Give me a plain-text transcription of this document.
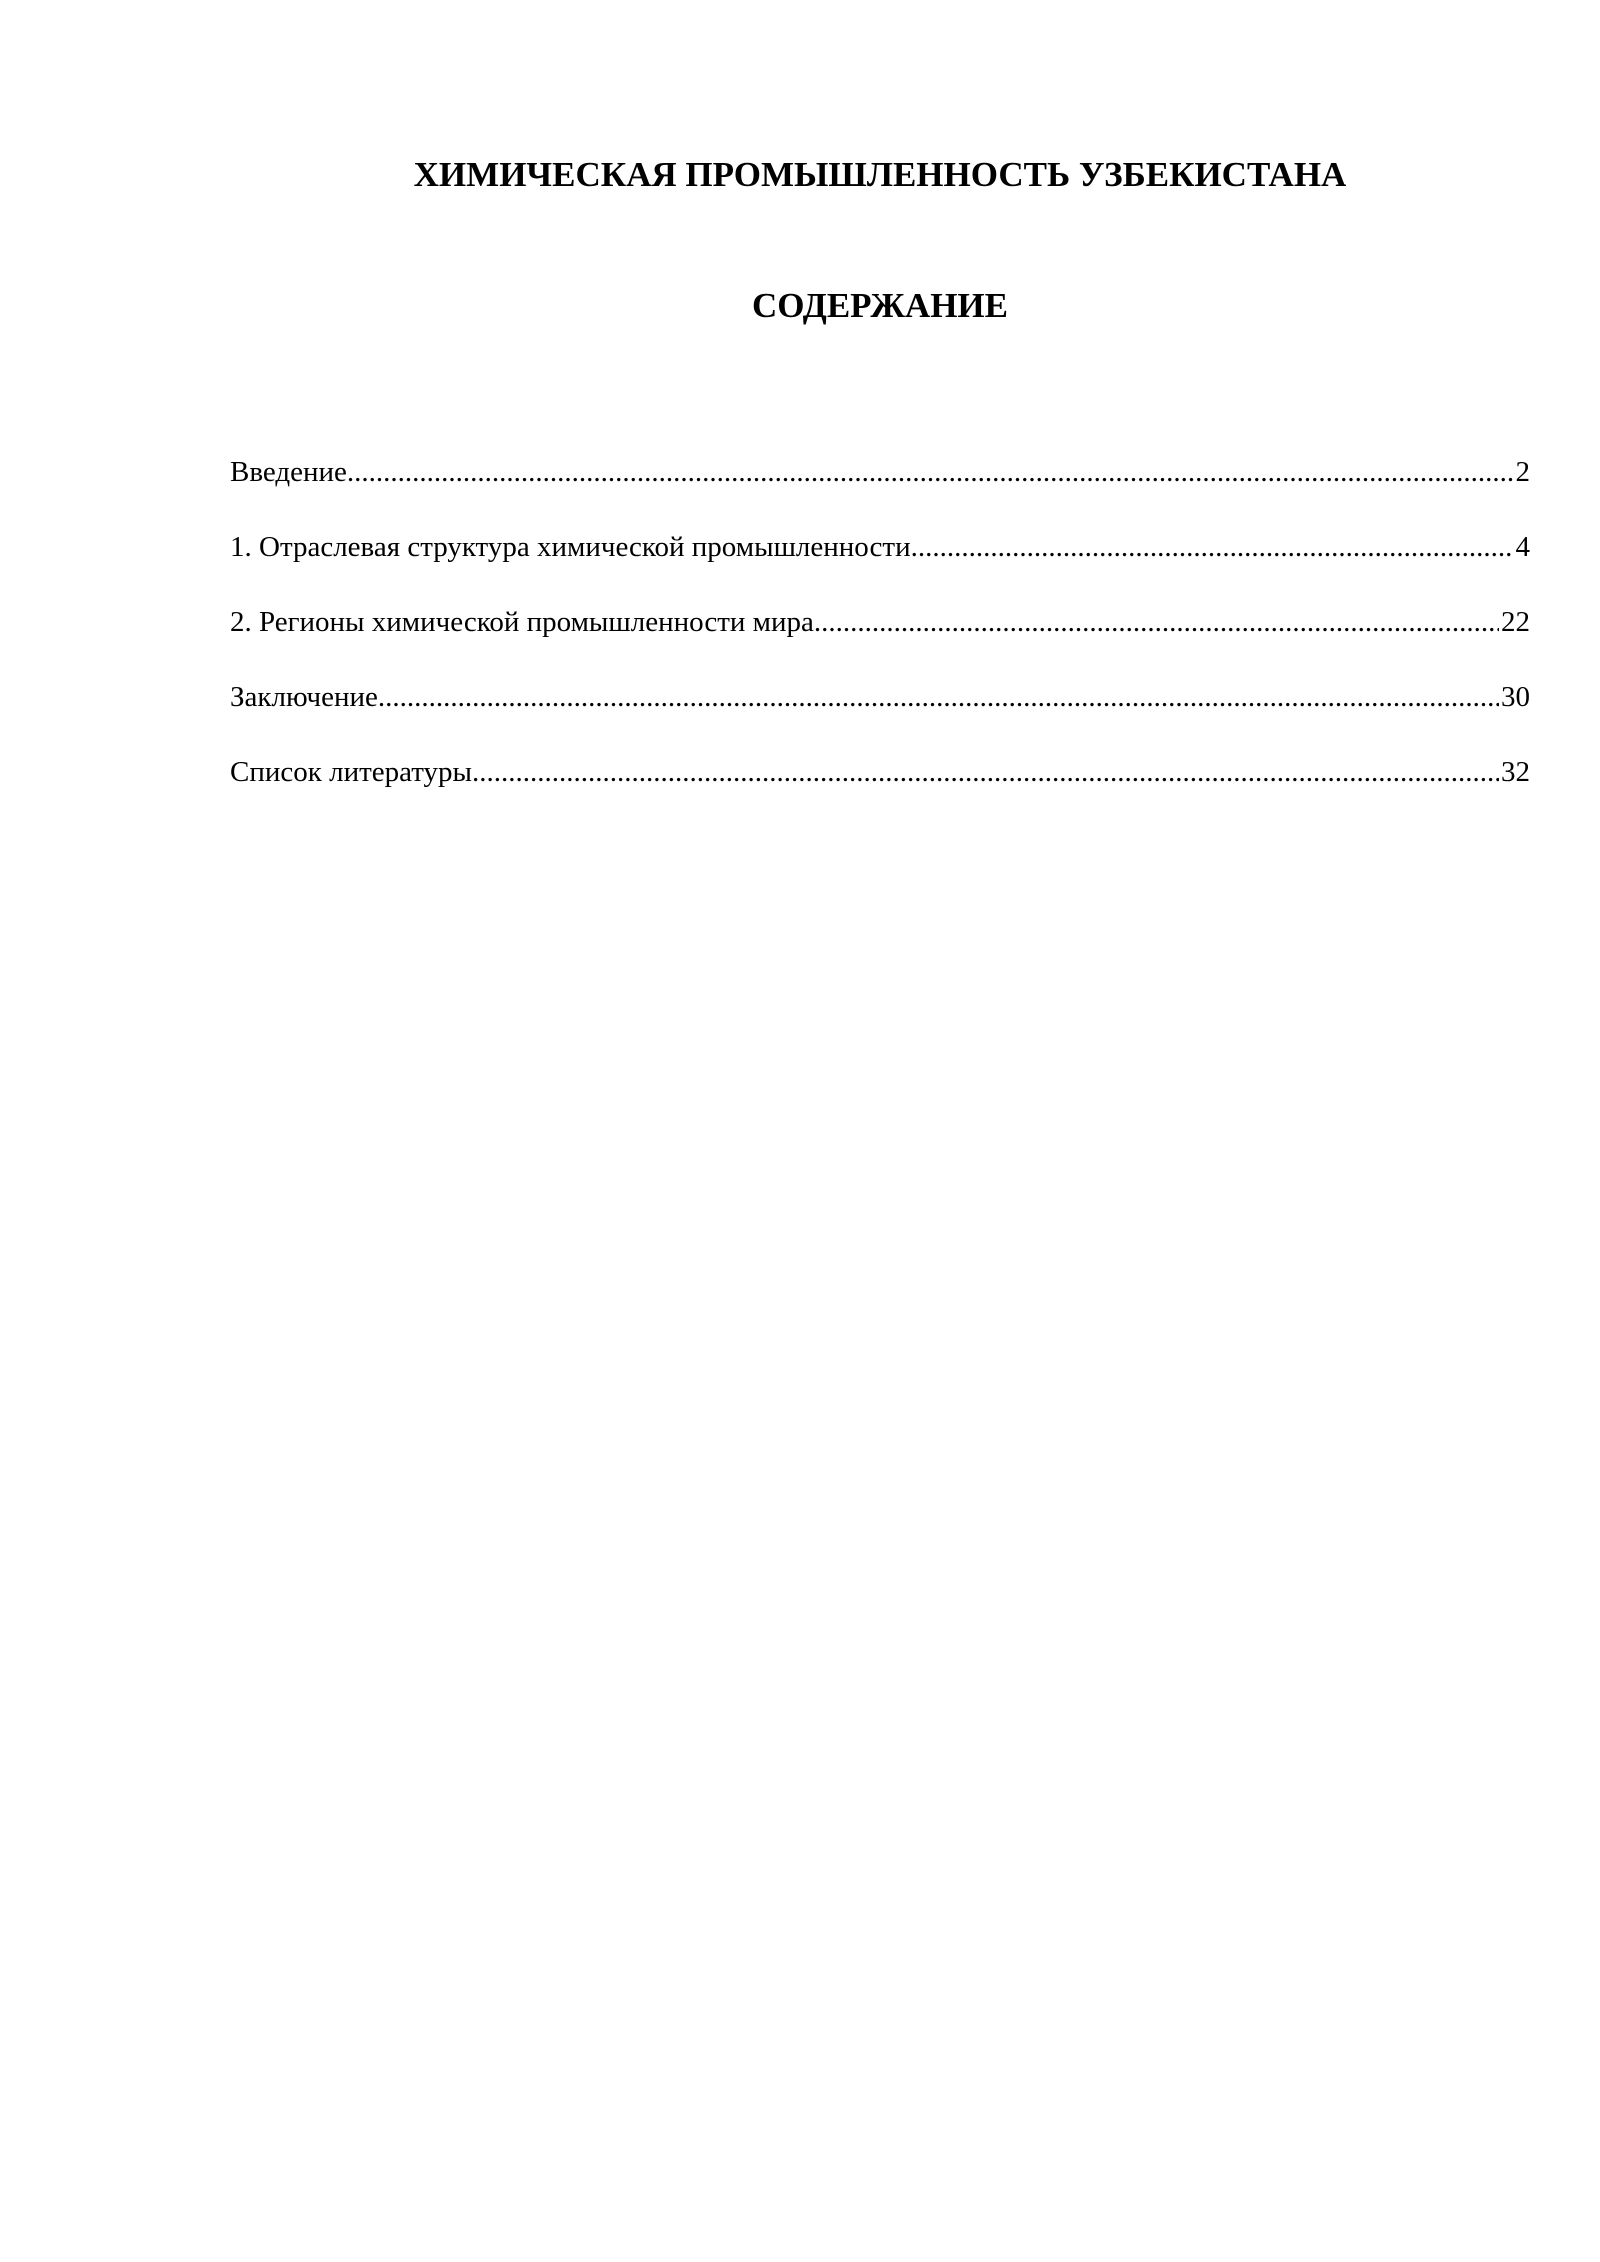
ХИМИЧЕСКАЯ ПРОМЫШЛЕННОСТЬ УЗБЕКИСТАНА
СОДЕРЖАНИЕ
Введение .....	2
1. Отраслевая структура химической промышленности .....	4
2. Регионы химической промышленности мира .....	22
Заключение .....	30
Список литературы .....	32
